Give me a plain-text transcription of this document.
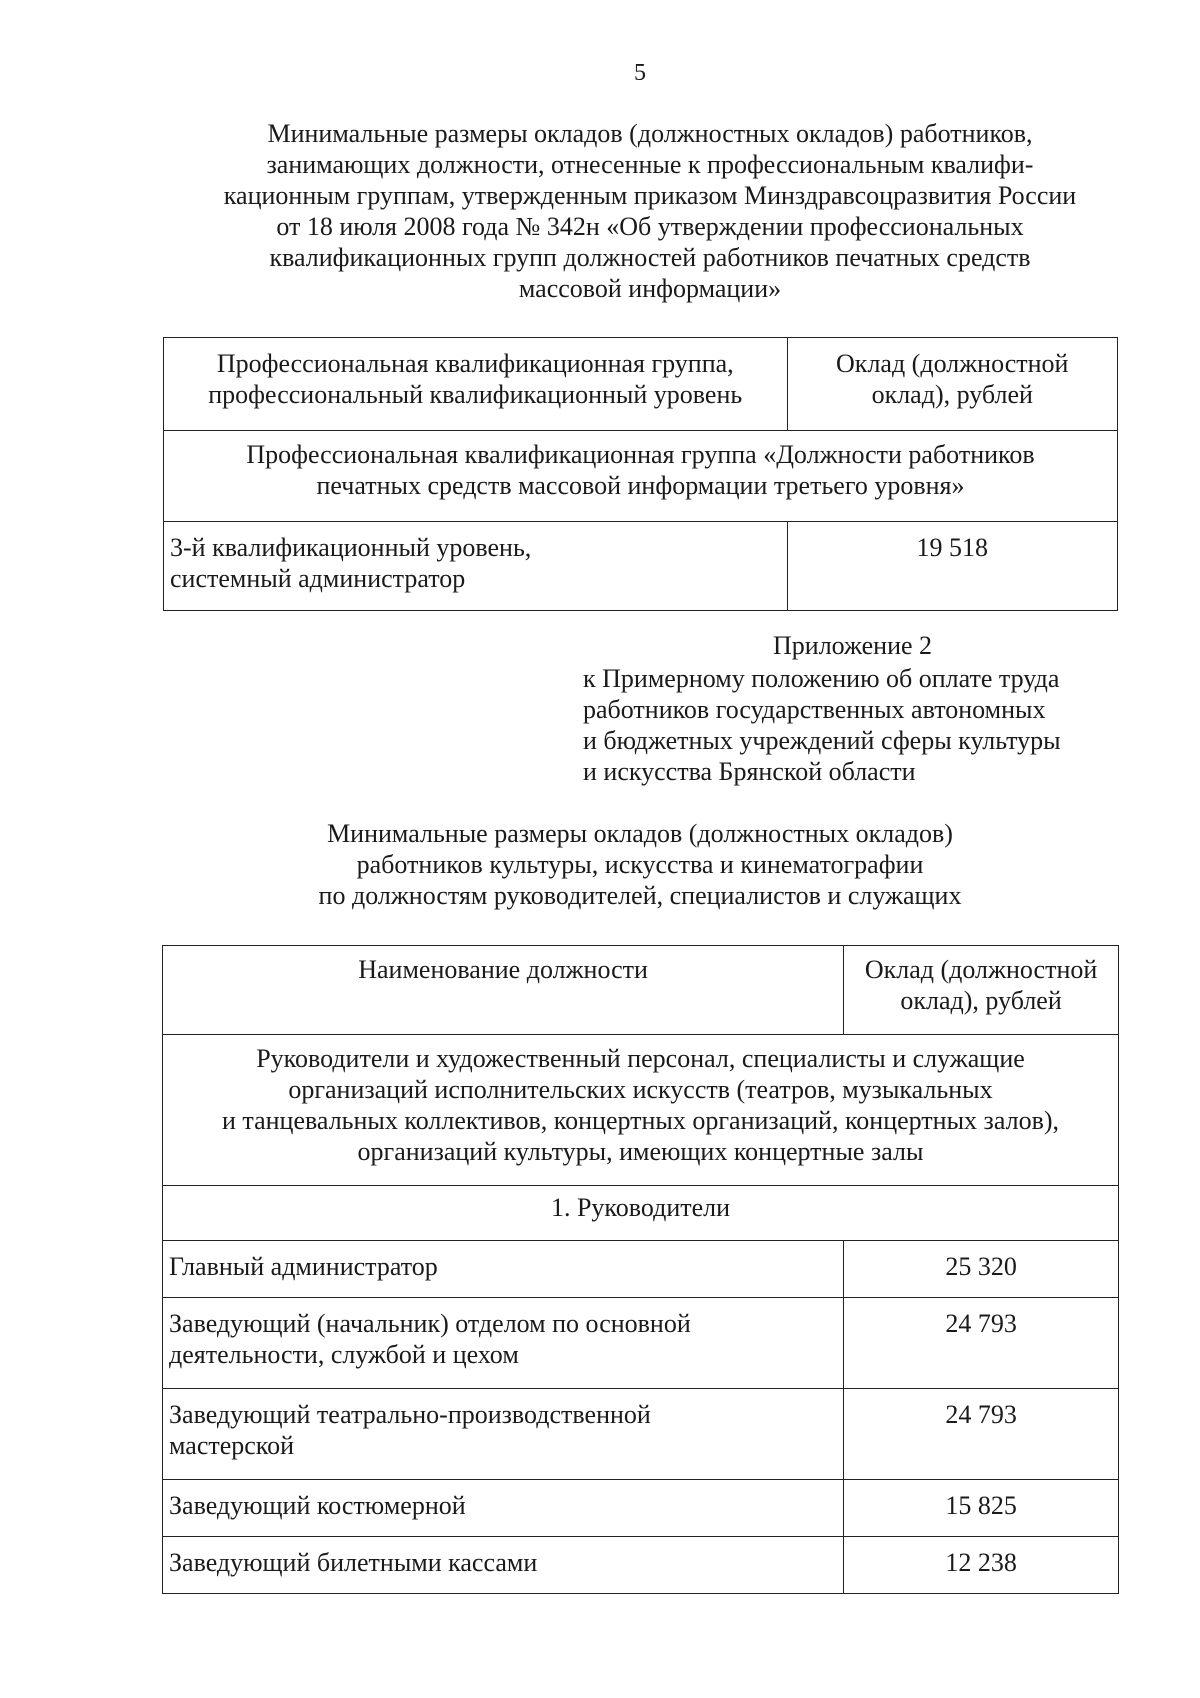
5
Минимальные размеры окладов (должностных окладов) работников,
занимающих должности, отнесенные к профессиональным квалифи-
кационным группам, утвержденным приказом Минздравсоцразвития России
от 18 июля 2008 года № 342н «Об утверждении профессиональных
квалификационных групп должностей работников печатных средств
массовой информации»
Профессиональная квалификационная группа,
профессиональный квалификационный уровень	Оклад (должностной
оклад), рублей

Профессиональная квалификационная группа «Должности работников
печатных средств массовой информации третьего уровня»	

3-й квалификационный уровень,
системный администратор	19 518
Приложение 2
к Примерному положению об оплате труда
работников государственных автономных
и бюджетных учреждений сферы культуры
и искусства Брянской области
Минимальные размеры окладов (должностных окладов)
работников культуры, искусства и кинематографии
по должностям руководителей, специалистов и служащих
Наименование должности	Оклад (должностной
оклад), рублей

Руководители и художественный персонал, специалисты и служащие
организаций исполнительских искусств (театров, музыкальных
и танцевальных коллективов, концертных организаций, концертных залов),
организаций культуры, имеющих концертные залы	

1. Руководители	

Главный администратор	25 320

Заведующий (начальник) отделом по основной
деятельности, службой и цехом	24 793

Заведующий театрально-производственной
мастерской	24 793

Заведующий костюмерной	15 825

Заведующий билетными кассами	12 238
